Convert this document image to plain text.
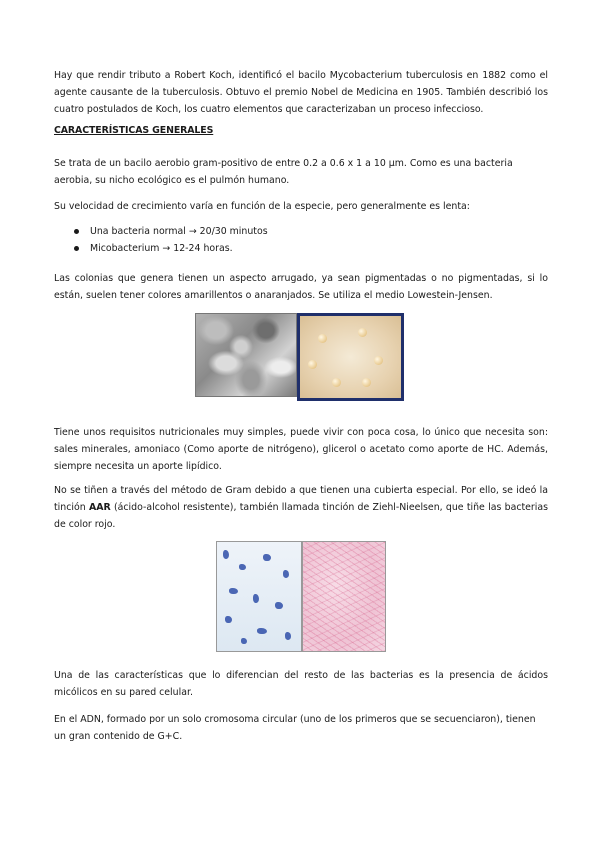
Hay que rendir tributo a Robert Koch, identificó el bacilo Mycobacterium tuberculosis en 1882 como el agente causante de la tuberculosis. Obtuvo el premio Nobel de Medicina en 1905. También describió los cuatro postulados de Koch, los cuatro elementos que caracterizaban un proceso infeccioso.

CARACTERÍSTICAS GENERALES

Se trata de un bacilo aerobio gram-positivo de entre 0.2 a 0.6 x 1 a 10 µm. Como es una bacteria aerobia, su nicho ecológico es el pulmón humano.

Su velocidad de crecimiento varía en función de la especie, pero generalmente es lenta:

Una bacteria normal → 20/30 minutos
Micobacterium → 12-24 horas.

Las colonias que genera tienen un aspecto arrugado, ya sean pigmentadas o no pigmentadas, si lo están, suelen tener colores amarillentos o anaranjados. Se utiliza el medio Lowestein-Jensen.

Tiene unos requisitos nutricionales muy simples, puede vivir con poca cosa, lo único que necesita son: sales minerales, amoniaco (Como aporte de nitrógeno), glicerol o acetato como aporte de HC. Además, siempre necesita un aporte lipídico.

No se tiñen a través del método de Gram debido a que tienen una cubierta especial. Por ello, se ideó la tinción AAR (ácido-alcohol resistente), también llamada tinción de Ziehl-Nieelsen, que tiñe las bacterias de color rojo.

Una de las características que lo diferencian del resto de las bacterias es la presencia de ácidos micólicos en su pared celular.

En el ADN, formado por un solo cromosoma circular (uno de los primeros que se secuenciaron), tienen un gran contenido de G+C.
